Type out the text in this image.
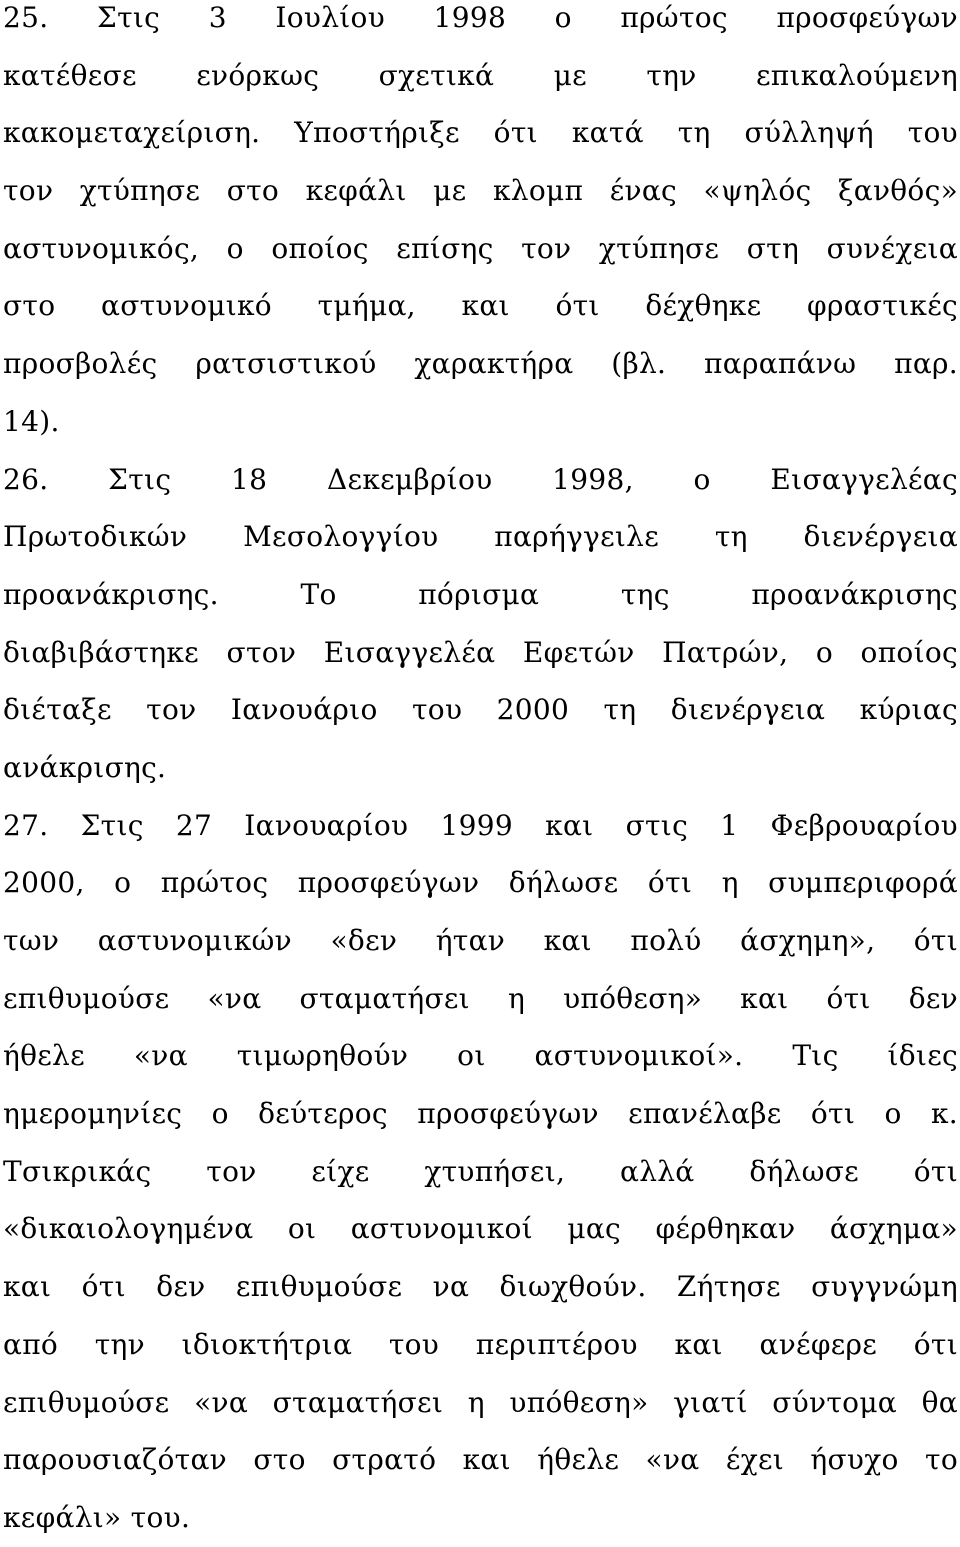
25. Στις 3 Ιουλίου 1998 ο πρώτος προσφεύγων
κατέθεσε ενόρκως σχετικά με την επικαλούμενη
κακομεταχείριση. Υποστήριξε ότι κατά τη σύλληψή του
τον χτύπησε στο κεφάλι με κλομπ ένας «ψηλός ξανθός»
αστυνομικός, ο οποίος επίσης τον χτύπησε στη συνέχεια
στο αστυνομικό τμήμα, και ότι δέχθηκε φραστικές
προσβολές ρατσιστικού χαρακτήρα (βλ. παραπάνω παρ.
14).
26. Στις 18 Δεκεμβρίου 1998, ο Εισαγγελέας
Πρωτοδικών Μεσολογγίου παρήγγειλε τη διενέργεια
προανάκρισης. Το πόρισμα της προανάκρισης
διαβιβάστηκε στον Εισαγγελέα Εφετών Πατρών, ο οποίος
διέταξε τον Ιανουάριο του 2000 τη διενέργεια κύριας
ανάκρισης.
27. Στις 27 Ιανουαρίου 1999 και στις 1 Φεβρουαρίου
2000, ο πρώτος προσφεύγων δήλωσε ότι η συμπεριφορά
των αστυνομικών «δεν ήταν και πολύ άσχημη», ότι
επιθυμούσε «να σταματήσει η υπόθεση» και ότι δεν
ήθελε «να τιμωρηθούν οι αστυνομικοί». Τις ίδιες
ημερομηνίες ο δεύτερος προσφεύγων επανέλαβε ότι ο κ.
Τσικρικάς τον είχε χτυπήσει, αλλά δήλωσε ότι
«δικαιολογημένα οι αστυνομικοί μας φέρθηκαν άσχημα»
και ότι δεν επιθυμούσε να διωχθούν. Ζήτησε συγγνώμη
από την ιδιοκτήτρια του περιπτέρου και ανέφερε ότι
επιθυμούσε «να σταματήσει η υπόθεση» γιατί σύντομα θα
παρουσιαζόταν στο στρατό και ήθελε «να έχει ήσυχο το
κεφάλι» του.
